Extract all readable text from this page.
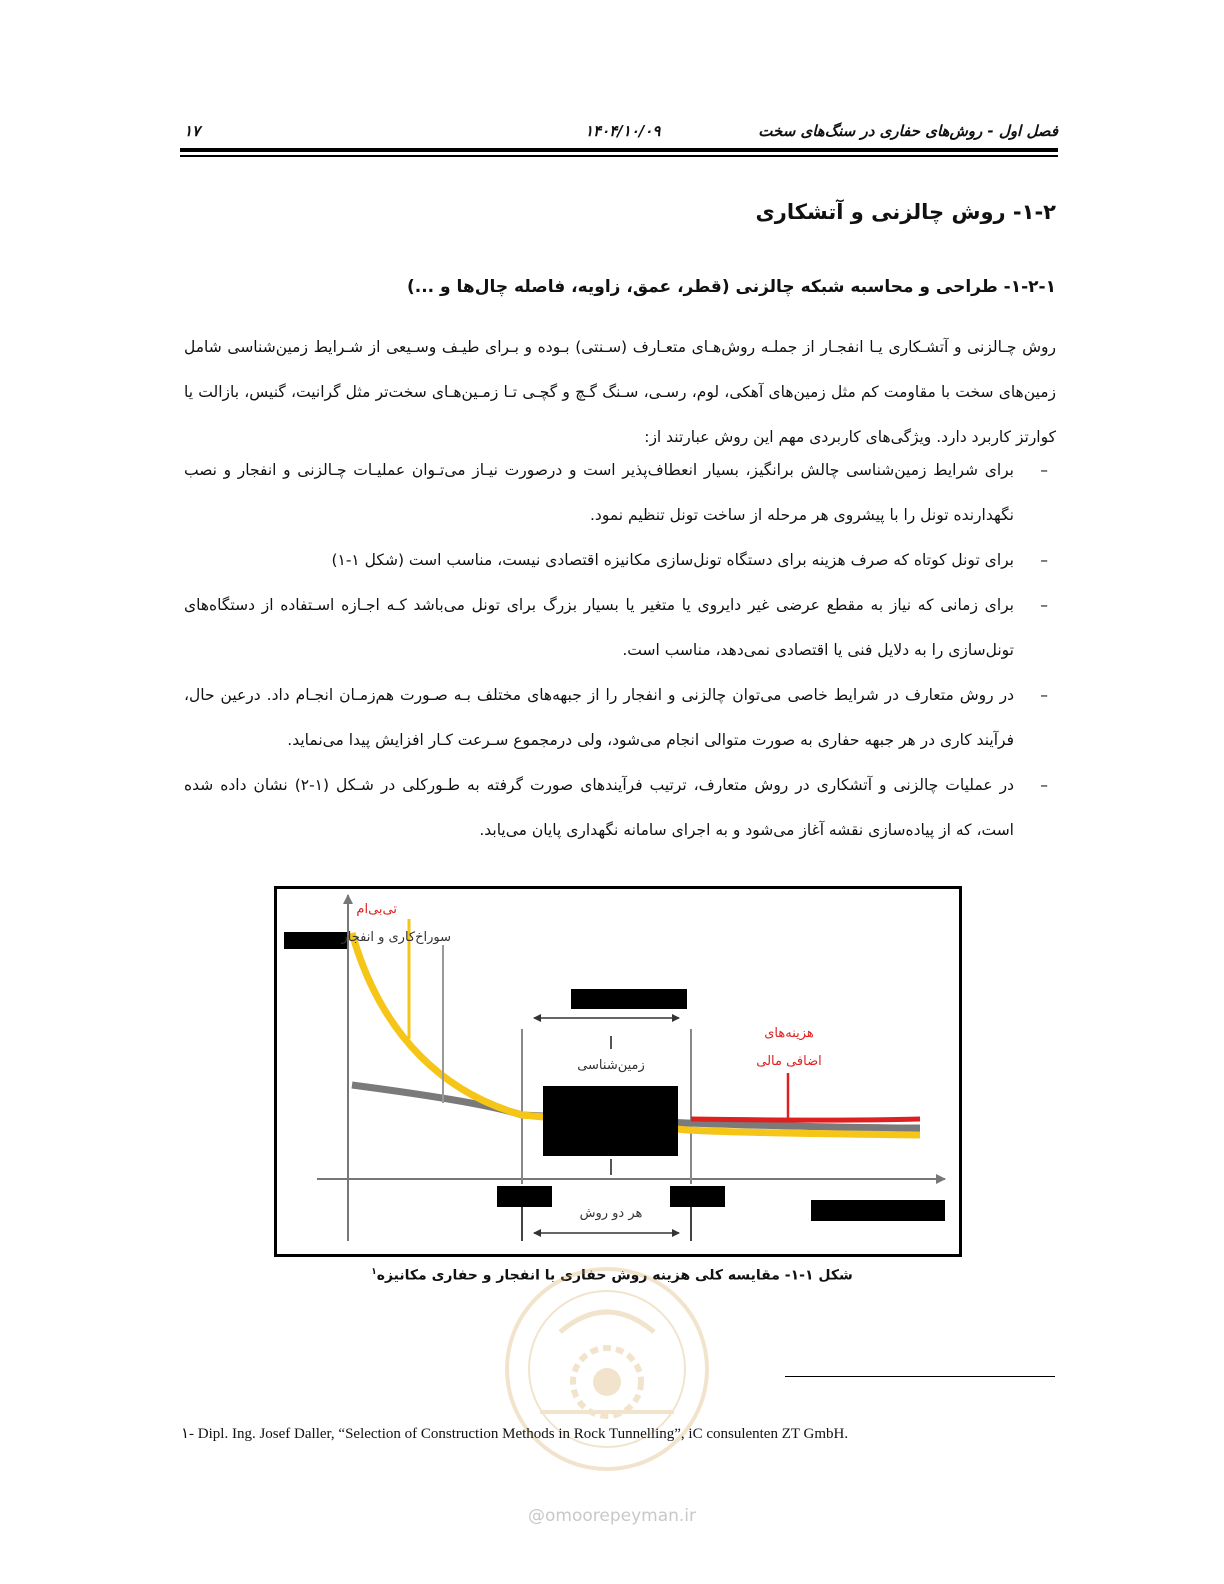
فصل اول - روش‌های حفاری در سنگ‌های سخت
۱۴۰۴/۱۰/۰۹
۱۷
۱-۲- روش چالزنی و آتشکاری
۱-۲-۱- طراحی و محاسبه شبکه چالزنی (قطر، عمق، زاویه، فاصله چال‌ها و ...)
روش چـالزنی و آتشـکاری یـا انفجـار از جملـه روش‌هـای متعـارف (سـنتی) بـوده و بـرای طیـف وسـیعی از شـرایط زمین‌شناسی شامل زمین‌های سخت با مقاومت کم مثل زمین‌های آهکی، لوم، رسـی، سـنگ گـچ و گچـی تـا زمـین‌هـای سخت‌تر مثل گرانیت، گنیس، بازالت یا کوارتز کاربرد دارد. ویژگی‌های کاربردی مهم این روش عبارتند از:
– برای شرایط زمین‌شناسی چالش برانگیز، بسیار انعطاف‌پذیر است و درصورت نیـاز می‌تـوان عملیـات چـالزنی و انفجار و نصب نگهدارنده تونل را با پیشروی هر مرحله از ساخت تونل تنظیم نمود.
– برای تونل کوتاه که صرف هزینه برای دستگاه تونل‌سازی مکانیزه اقتصادی نیست، مناسب است (شکل ۱-۱)
– برای زمانی که نیاز به مقطع عرضی غیر دایروی یا متغیر یا بسیار بزرگ برای تونل می‌باشد کـه اجـازه اسـتفاده از دستگاه‌های تونل‌سازی را به دلایل فنی یا اقتصادی نمی‌دهد، مناسب است.
– در روش متعارف در شرایط خاصی می‌توان چالزنی و انفجار را از جبهه‌های مختلف بـه صـورت هم‌زمـان انجـام داد. درعین حال، فرآیند کاری در هر جبهه حفاری به صورت متوالی انجام می‌شود، ولی درمجموع سـرعت کـار افزایش پیدا می‌نماید.
– در عملیات چالزنی و آتشکاری در روش متعارف، ترتیب فرآیندهای صورت گرفته به طـورکلی در شـکل (۱-۲) نشان داده شده است، که از پیاده‌سازی نقشه آغاز می‌شود و به اجرای سامانه نگهداری پایان می‌یابد.
تی‌بی‌ام
سوراخ‌کاری و انفجار
زمین‌شناسی
هزینه‌های
اضافی مالی
هر دو روش
شکل ۱-۱- مقایسه کلی هزینه روش حفاری با انفجار و حفاری مکانیزه$^۱$
۱- Dipl. Ing. Josef Daller, “Selection of Construction Methods in Rock Tunnelling”, iC consulenten ZT GmbH.
@omoorepeyman.ir
